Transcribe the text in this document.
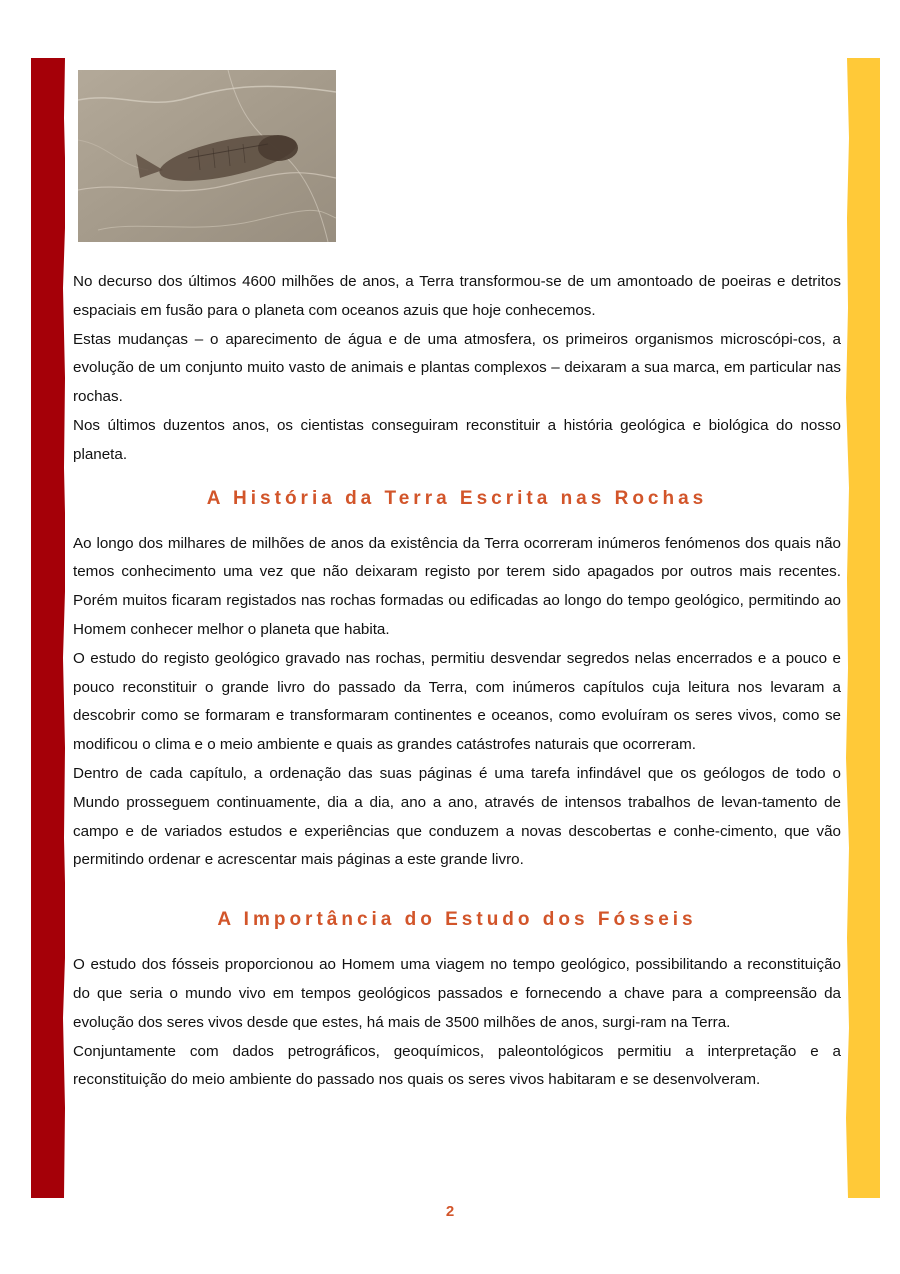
No decurso dos últimos 4600 milhões de anos, a Terra transformou-se de um amontoado de poeiras e detritos espaciais em fusão para o planeta com oceanos azuis que hoje conhecemos.

Estas mudanças – o aparecimento de água e de uma atmosfera, os primeiros organismos microscópi-cos, a evolução de um conjunto muito vasto de animais e plantas complexos – deixaram a sua marca, em particular nas rochas.

Nos últimos duzentos anos, os cientistas conseguiram reconstituir a história geológica e biológica do nosso planeta.

A História da Terra Escrita nas Rochas

Ao longo dos milhares de milhões de anos da existência da Terra ocorreram inúmeros fenómenos dos quais não temos conhecimento uma vez que não deixaram registo por terem sido apagados por outros mais recentes. Porém muitos ficaram registados nas rochas formadas ou edificadas ao longo do tempo geológico, permitindo ao Homem conhecer melhor o planeta que habita.

O estudo do registo geológico gravado nas rochas, permitiu desvendar segredos nelas encerrados e a pouco e pouco reconstituir o grande livro do passado da Terra, com inúmeros capítulos cuja leitura nos levaram a descobrir como se formaram e transformaram continentes e oceanos, como evoluíram os seres vivos, como se modificou o clima e o meio ambiente e quais as grandes catástrofes naturais que ocorreram.

Dentro de cada capítulo, a ordenação das suas páginas é uma tarefa infindável que os geólogos de todo o Mundo prosseguem continuamente, dia a dia, ano a ano, através de intensos trabalhos de levan-tamento de campo e de variados estudos e experiências que conduzem a novas descobertas e conhe-cimento, que vão permitindo ordenar e acrescentar mais páginas a este grande livro.

A Importância do Estudo dos Fósseis

O estudo dos fósseis proporcionou ao Homem uma viagem no tempo geológico, possibilitando a reconstituição do que seria o mundo vivo em tempos geológicos passados e fornecendo a chave para a compreensão da evolução dos seres vivos desde que estes, há mais de 3500 milhões de anos, surgi-ram na Terra.

Conjuntamente com dados petrográficos, geoquímicos, paleontológicos permitiu a interpretação e a reconstituição do meio ambiente do passado nos quais os seres vivos habitaram e se desenvolveram.

2
